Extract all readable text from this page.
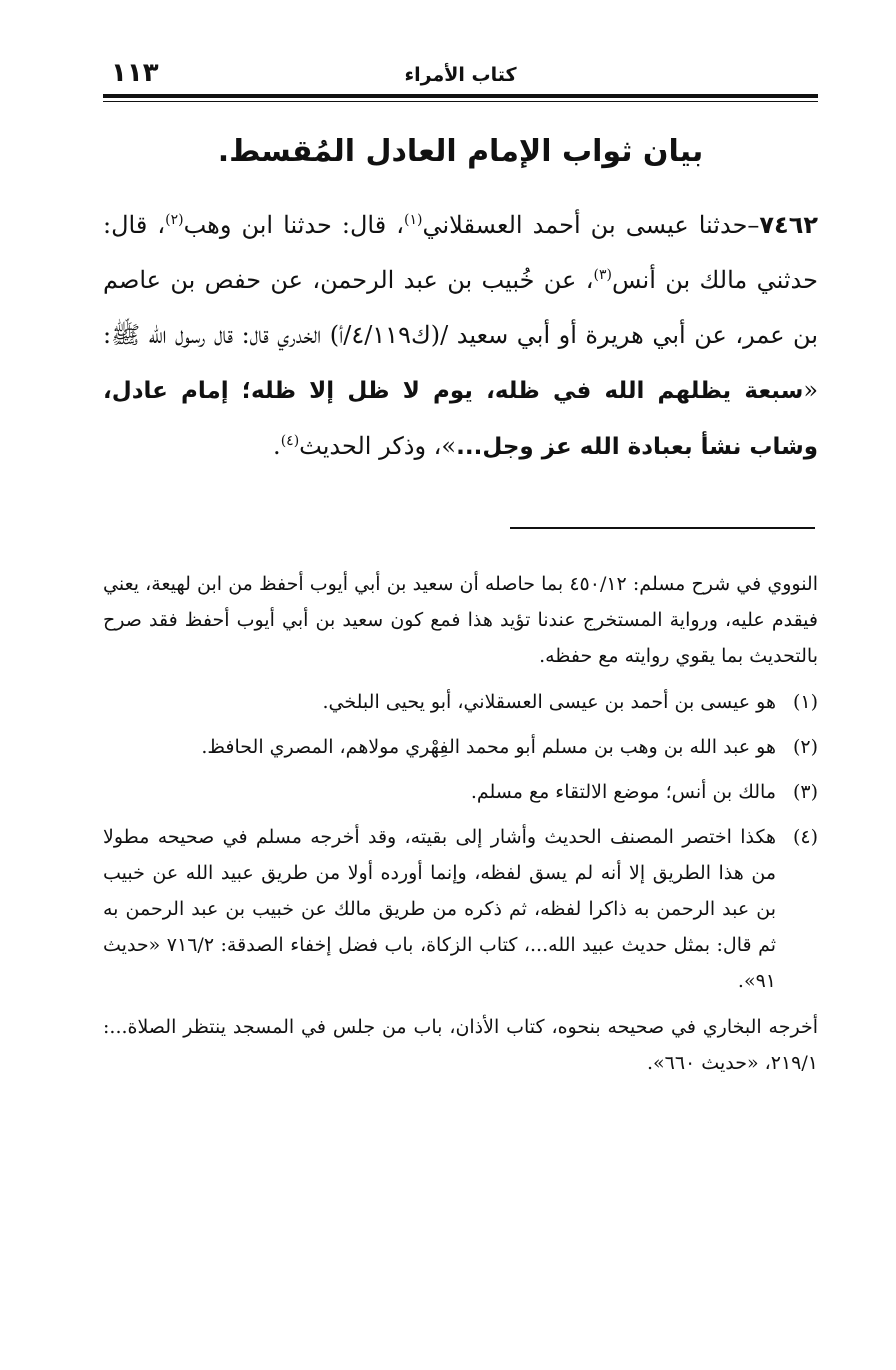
١١٣	كتاب الأمراء
بيان ثواب الإمام العادل المُقسط.

٧٤٦٢–حدثنا عيسى بن أحمد العسقلاني$^{(١)}$، قال: حدثنا ابن وهب$^{(٢)}$، قال: حدثني مالك بن أنس$^{(٣)}$، عن خُبيب بن عبد الرحمن، عن حفص بن عاصم بن عمر، عن أبي هريرة أو أبي سعيد /(ك٤/١١٩/أ) الخدري قال: قال رسول الله ﷺ: «سبعة يظلهم الله في ظله، يوم لا ظل إلا ظله؛ إمام عادل، وشاب نشأ بعبادة الله عز وجل...»، وذكر الحديث$^{(٤)}$.

النووي في شرح مسلم: ٤٥٠/١٢ بما حاصله أن سعيد بن أبي أيوب أحفظ من ابن لهيعة، يعني فيقدم عليه، ورواية المستخرج عندنا تؤيد هذا فمع كون سعيد بن أبي أيوب أحفظ فقد صرح بالتحديث بما يقوي روايته مع حفظه.

(١)
هو عيسى بن أحمد بن عيسى العسقلاني، أبو يحيى البلخي.

(٢)
هو عبد الله بن وهب بن مسلم أبو محمد الفِهْري مولاهم، المصري الحافظ.

(٣)
مالك بن أنس؛ موضع الالتقاء مع مسلم.

(٤)
هكذا اختصر المصنف الحديث وأشار إلى بقيته، وقد أخرجه مسلم في صحيحه مطولا من هذا الطريق إلا أنه لم يسق لفظه، وإنما أورده أولا من طريق عبيد الله عن خبيب بن عبد الرحمن به ذاكرا لفظه، ثم ذكره من طريق مالك عن خبيب بن عبد الرحمن به ثم قال: بمثل حديث عبيد الله...، كتاب الزكاة، باب فضل إخفاء الصدقة: ٧١٦/٢ «حديث ٩١».

أخرجه البخاري في صحيحه بنحوه، كتاب الأذان، باب من جلس في المسجد ينتظر الصلاة...: ٢١٩/١، «حديث ٦٦٠».
